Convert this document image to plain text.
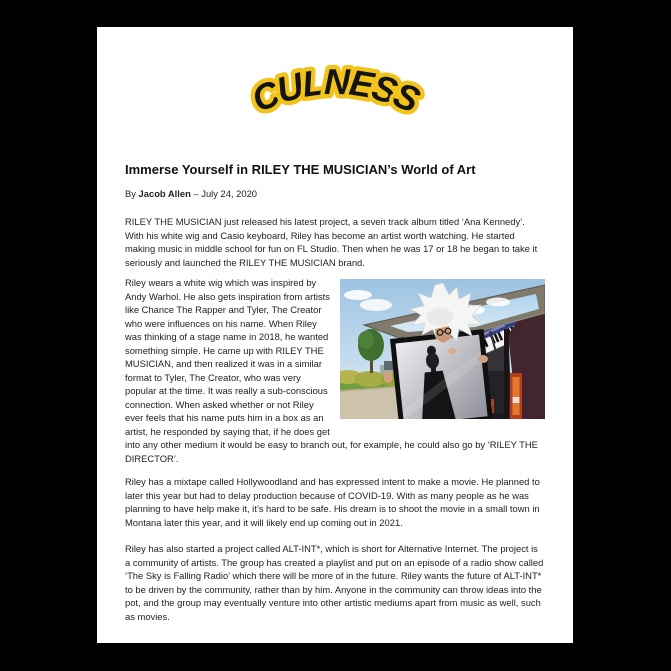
CULNESS
Immerse Yourself in RILEY THE MUSICIAN’s World of Art
By Jacob Allen – July 24, 2020

RILEY THE MUSICIAN just released his latest project, a seven track album titled ‘Ana Kennedy’. With his white wig and Casio keyboard, Riley has become an artist worth watching. He started making music in middle school for fun on FL Studio. Then when he was 17 or 18 he began to take it seriously and launched the RILEY THE MUSICIAN brand.

Riley wears a white wig which was inspired by Andy Warhol. He also gets inspiration from artists like Chance The Rapper and Tyler, The Creator who were influences on his name. When Riley was thinking of a stage name in 2018, he wanted something simple. He came up with RILEY THE MUSICIAN, and then realized it was in a similar format to Tyler, The Creator, who was very popular at the time. It was really a sub-conscious connection. When asked whether or not Riley ever feels that his name puts him in a box as an artist, he responded by saying that, if he does get into any other medium it would be easy to branch out, for example, he could also go by ‘RILEY THE DIRECTOR’.

Riley has a mixtape called Hollywoodland and has expressed intent to make a movie. He planned to later this year but had to delay production because of COVID-19. With as many people as he was planning to have help make it, it’s hard to be safe. His dream is to shoot the movie in a small town in Montana later this year, and it will likely end up coming out in 2021.

Riley has also started a project called ALT-INT*, which is short for Alternative Internet. The project is a community of artists. The group has created a playlist and put on an episode of a radio show called ‘The Sky is Falling Radio’ which there will be more of in the future. Riley wants the future of ALT-INT* to be driven by the community, rather than by him. Anyone in the community can throw ideas into the pot, and the group may eventually venture into other artistic mediums apart from music as well, such as movies.
